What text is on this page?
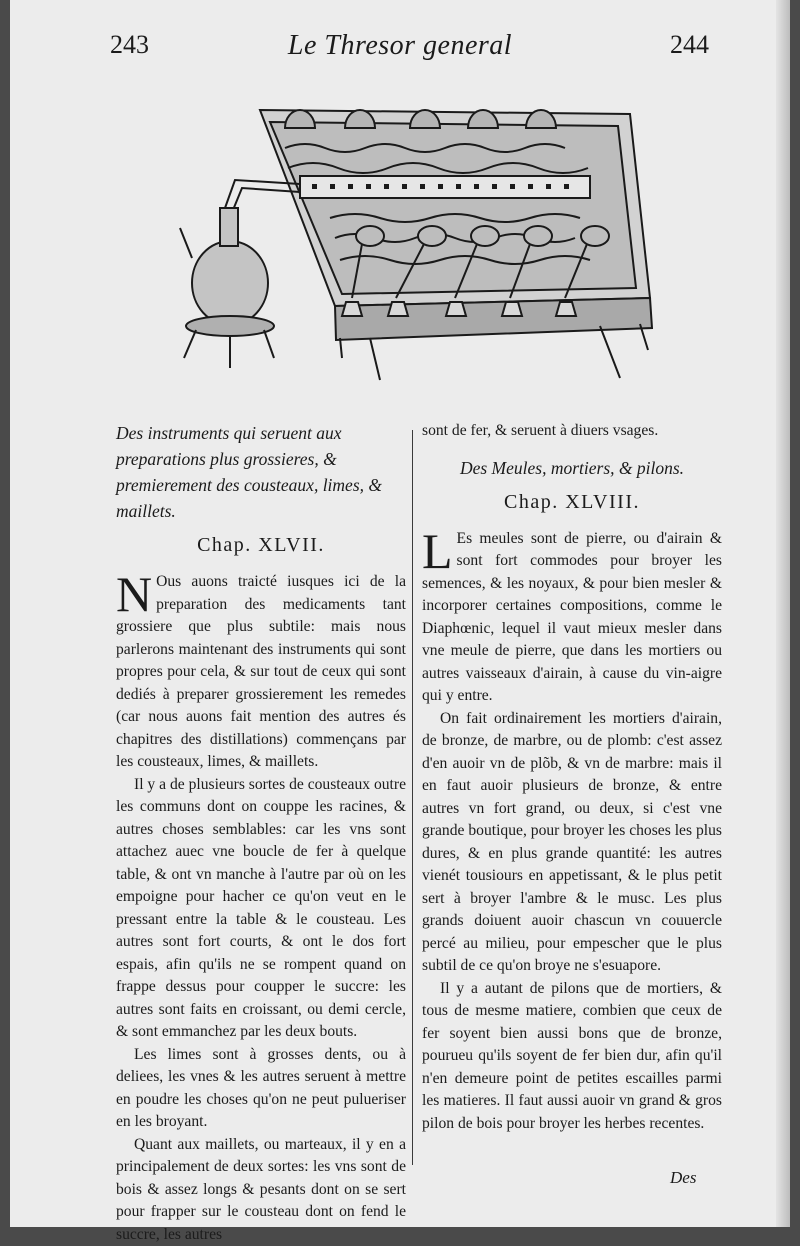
243	Le Thresor general	244

Des instruments qui seruent aux preparations plus grossieres, & premierement des cousteaux, limes, & maillets.

Chap. XLVII.

N Ous auons traicté iusques ici de la preparation des medicaments tant grossiere que plus subtile: mais nous parlerons maintenant des instruments qui sont propres pour cela, & sur tout de ceux qui sont dediés à preparer grossierement les remedes (car nous auons fait mention des autres és chapitres des distillations) commençans par les cousteaux, limes, & maillets.

Il y a de plusieurs sortes de cousteaux outre les communs dont on couppe les racines, & autres choses semblables: car les vns sont attachez auec vne boucle de fer à quelque table, & ont vn manche à l'autre par où on les empoigne pour hacher ce qu'on veut en le pressant entre la table & le cousteau. Les autres sont fort courts, & ont le dos fort espais, afin qu'ils ne se rompent quand on frappe dessus pour coupper le succre: les autres sont faits en croissant, ou demi cercle, & sont emmanchez par les deux bouts.

Les limes sont à grosses dents, ou à deliees, les vnes & les autres seruent à mettre en poudre les choses qu'on ne peut pulueriser en les broyant.

Quant aux maillets, ou marteaux, il y en a principalement de deux sortes: les vns sont de bois & assez longs & pesants dont on se sert pour frapper sur le cousteau dont on fend le succre, les autres

sont de fer, & seruent à diuers vsages.

Des Meules, mortiers, & pilons.

Chap. XLVIII.

L Es meules sont de pierre, ou d'airain & sont fort commodes pour broyer les semences, & les noyaux, & pour bien mesler & incorporer certaines compositions, comme le Diaphœnic, lequel il vaut mieux mesler dans vne meule de pierre, que dans les mortiers ou autres vaisseaux d'airain, à cause du vin-aigre qui y entre.

On fait ordinairement les mortiers d'airain, de bronze, de marbre, ou de plomb: c'est assez d'en auoir vn de plõb, & vn de marbre: mais il en faut auoir plusieurs de bronze, & entre autres vn fort grand, ou deux, si c'est vne grande boutique, pour broyer les choses les plus dures, & en plus grande quantité: les autres vienét tousiours en appetissant, & le plus petit sert à broyer l'ambre & le musc. Les plus grands doiuent auoir chascun vn couuercle percé au milieu, pour empescher que le plus subtil de ce qu'on broye ne s'esuapore.

Il y a autant de pilons que de mortiers, & tous de mesme matiere, combien que ceux de fer soyent bien aussi bons que de bronze, pourueu qu'ils soyent de fer bien dur, afin qu'il n'en demeure point de petites escailles parmi les matieres. Il faut aussi auoir vn grand & gros pilon de bois pour broyer les herbes recentes.

Des
